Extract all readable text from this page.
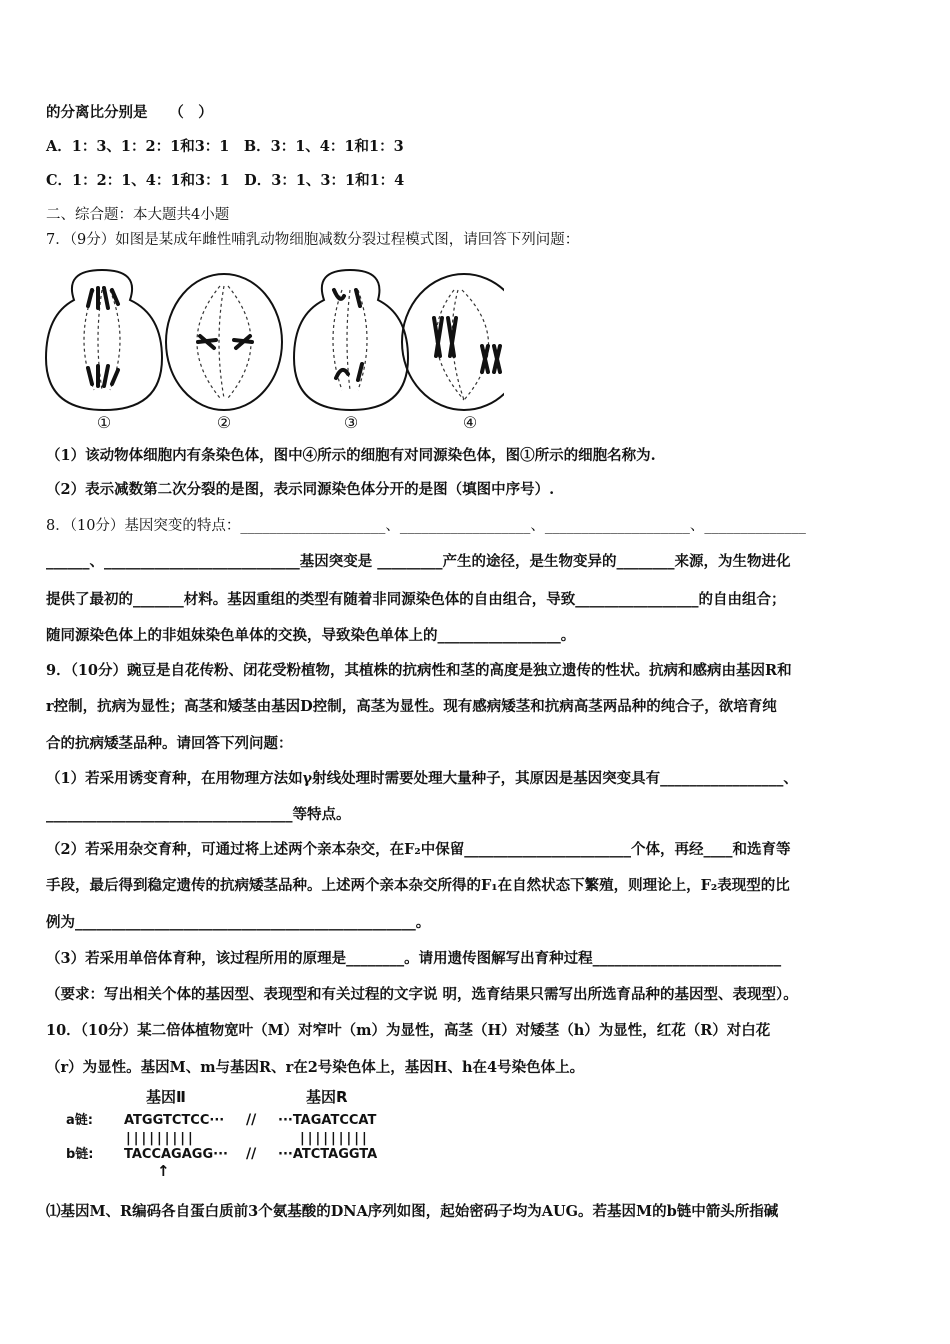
的分离比分别是　　（　）
A．1：3、1：2：1和3：1　B．3：1、4：1和1：3
C．1：2：1、4：1和3：1　D．3：1、3：1和1：4
二、综合题：本大题共4小题
7．（9分）如图是某成年雌性哺乳动物细胞减数分裂过程模式图，请回答下列问题：
①	②	③	④
（1）该动物体细胞内有条染色体，图中④所示的细胞有对同源染色体，图①所示的细胞名称为.
（2）表示减数第二次分裂的是图，表示同源染色体分开的是图（填图中序号）.
8．（10分）基因突变的特点：____________________、__________________、____________________、______________
______、___________________________基因突变是 _________产生的途径，是生物变异的________来源，为生物进化
提供了最初的_______材料。基因重组的类型有随着非同源染色体的自由组合，导致_________________的自由组合；
随同源染色体上的非姐妹染色单体的交换，导致染色单体上的_________________。
9．（10分）豌豆是自花传粉、闭花受粉植物，其植株的抗病性和茎的高度是独立遗传的性状。抗病和感病由基因R和
r控制，抗病为显性；高茎和矮茎由基因D控制，高茎为显性。现有感病矮茎和抗病高茎两品种的纯合子，欲培育纯
合的抗病矮茎品种。请回答下列问题：
（1）若采用诱变育种，在用物理方法如γ射线处理时需要处理大量种子，其原因是基因突变具有_________________、
__________________________________等特点。
（2）若采用杂交育种，可通过将上述两个亲本杂交，在F₂中保留_______________________个体，再经____和选育等
手段，最后得到稳定遗传的抗病矮茎品种。上述两个亲本杂交所得的F₁在自然状态下繁殖，则理论上，F₂表现型的比
例为_______________________________________________。
（3）若采用单倍体育种，该过程所用的原理是________。请用遗传图解写出育种过程__________________________
（要求：写出相关个体的基因型、表现型和有关过程的文字说 明，选育结果只需写出所选育品种的基因型、表现型）。
10．（10分）某二倍体植物宽叶（M）对窄叶（m）为显性，高茎（H）对矮茎（h）为显性，红花（R）对白花
（r）为显性。基因M、m与基因R、r在2号染色体上，基因H、h在4号染色体上。
基因Ⅱ	基因R
a链:
b链:
ATGGTCTCC··· // ···TAGATCCAT
|||||||||	|||||||||
TACCAGAGG··· // ···ATCTAGGTA
↑
⑴基因M、R编码各自蛋白质前3个氨基酸的DNA序列如图，起始密码子均为AUG。若基因M的b链中箭头所指碱
